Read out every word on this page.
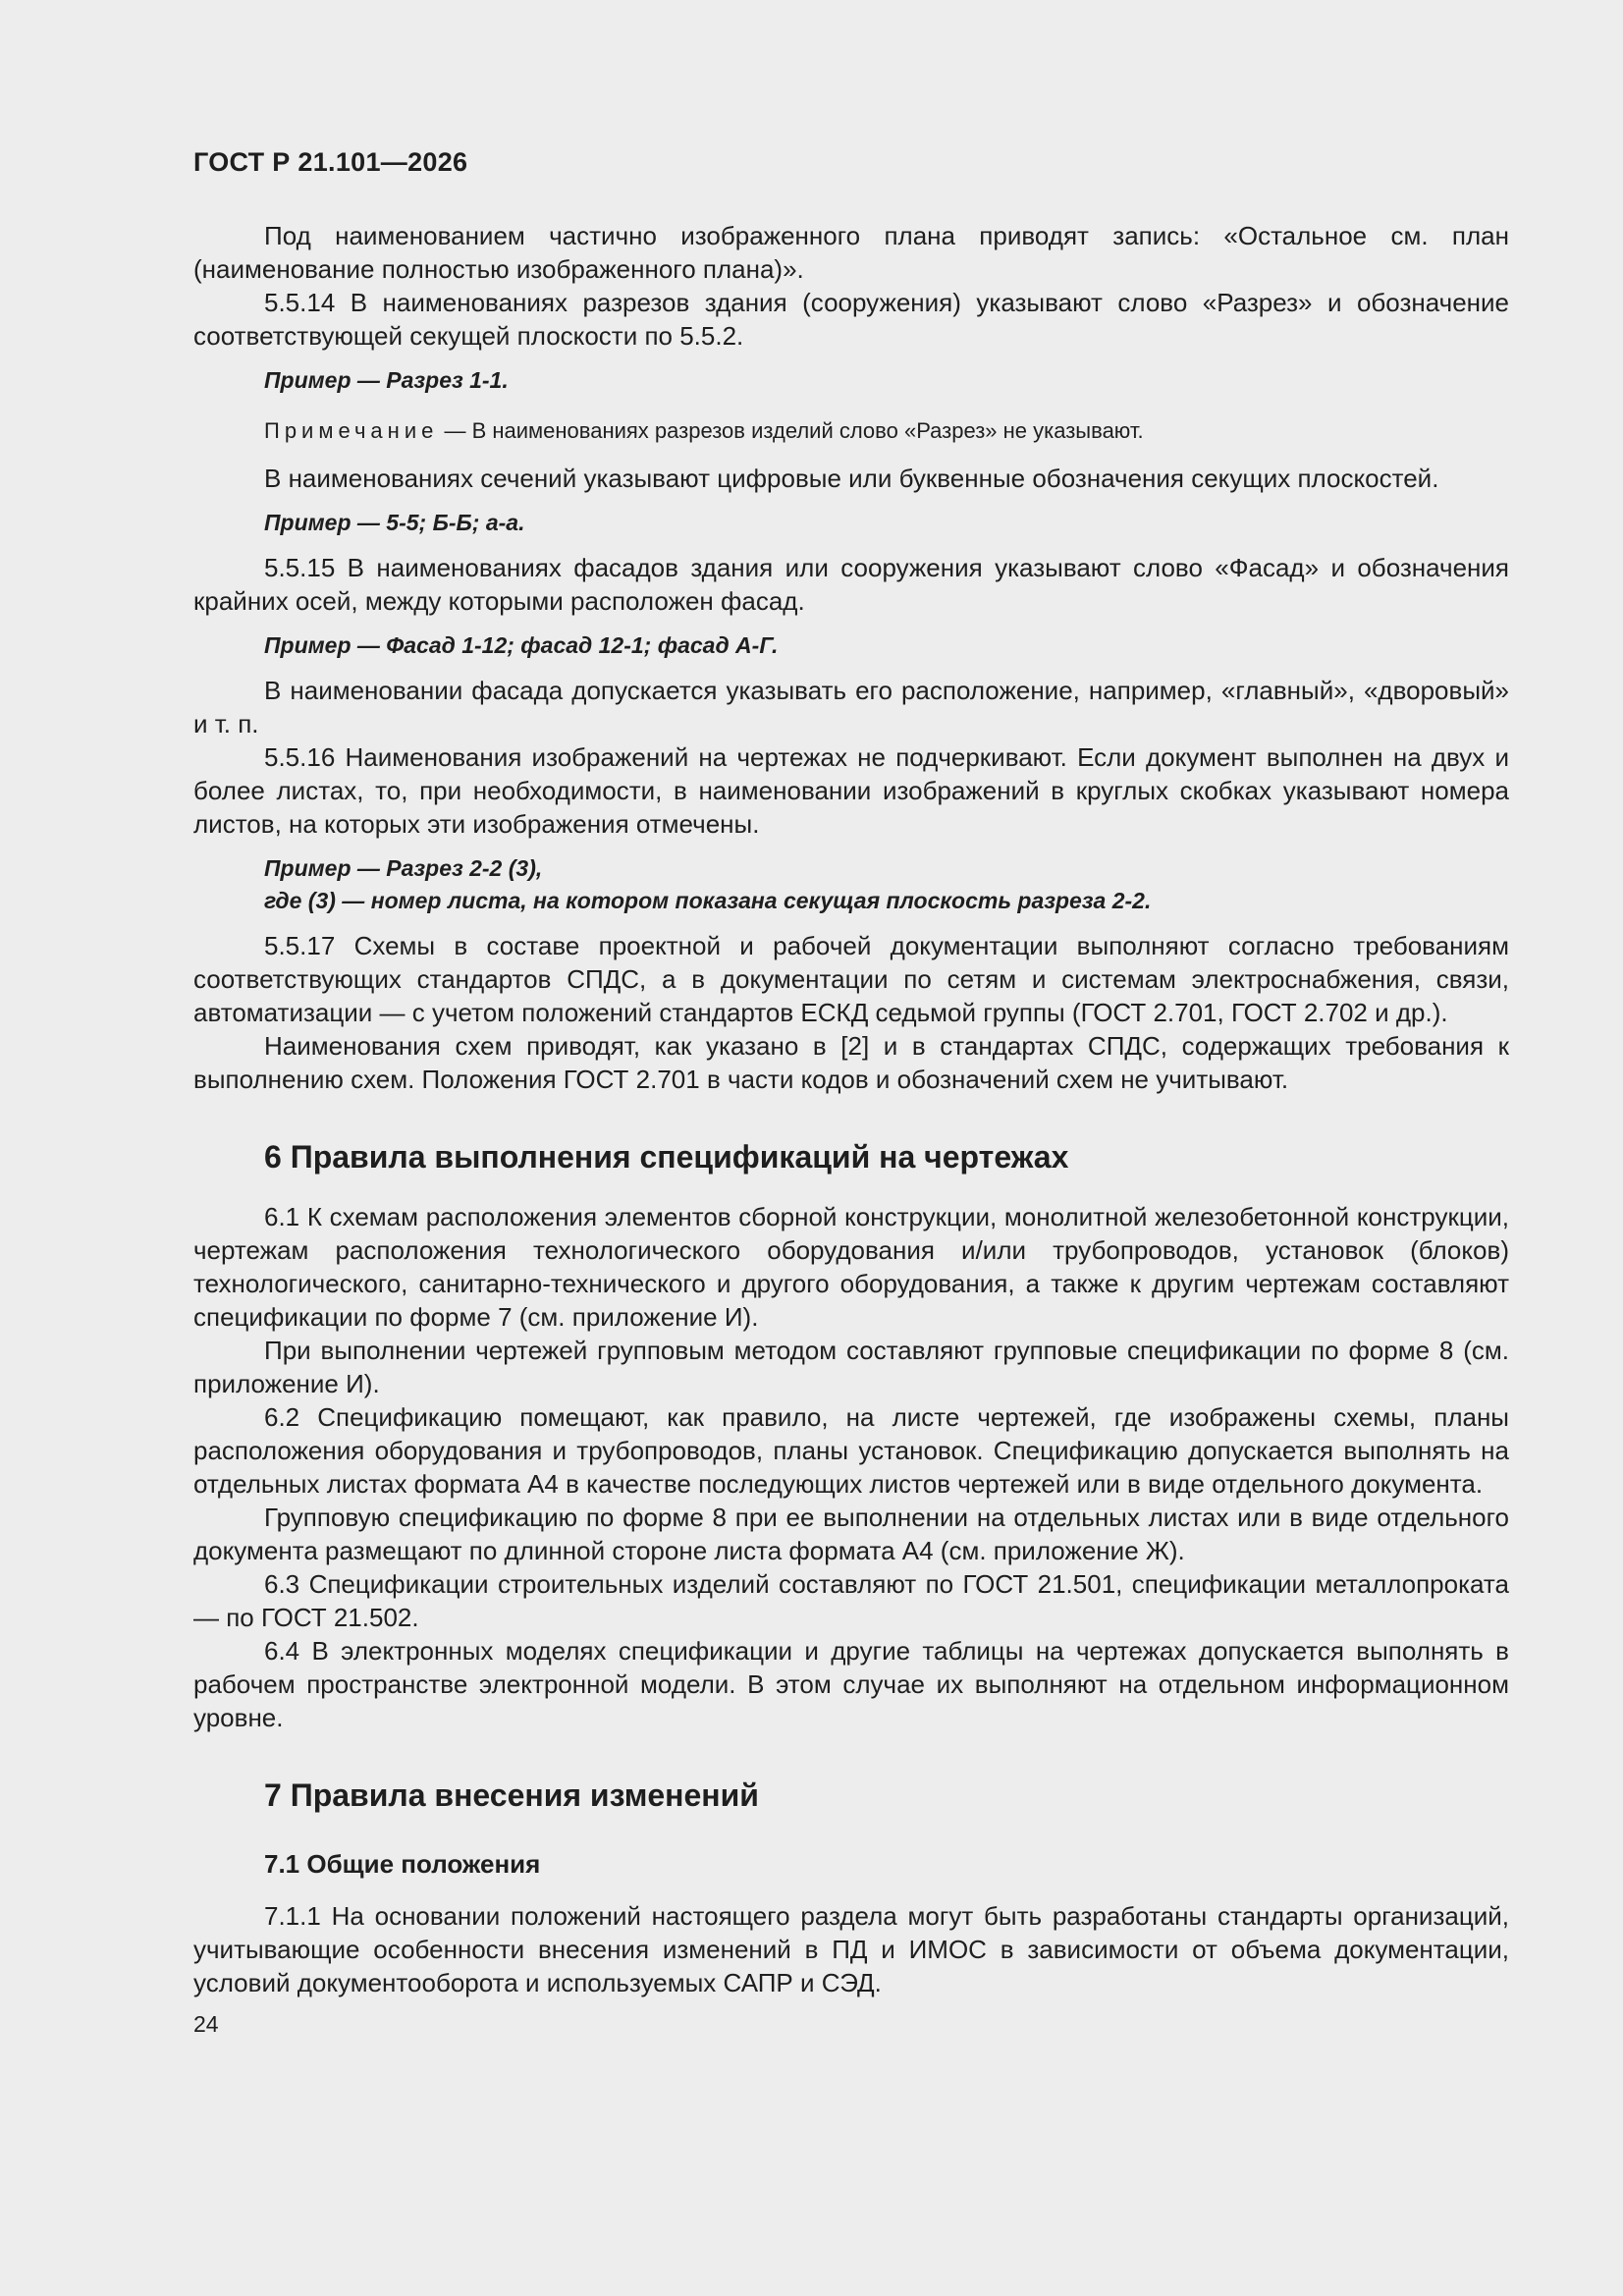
ГОСТ Р 21.101—2026

Под наименованием частично изображенного плана приводят запись: «Остальное см. план (наименование полностью изображенного плана)».

5.5.14 В наименованиях разрезов здания (сооружения) указывают слово «Разрез» и обозначение соответствующей секущей плоскости по 5.5.2.

Пример — Разрез 1-1.
Примечание — В наименованиях разрезов изделий слово «Разрез» не указывают.

В наименованиях сечений указывают цифровые или буквенные обозначения секущих плоскостей.

Пример — 5-5; Б-Б; а-а.

5.5.15 В наименованиях фасадов здания или сооружения указывают слово «Фасад» и обозначения крайних осей, между которыми расположен фасад.

Пример — Фасад 1-12; фасад 12-1; фасад А-Г.

В наименовании фасада допускается указывать его расположение, например, «главный», «дворовый» и т. п.

5.5.16 Наименования изображений на чертежах не подчеркивают. Если документ выполнен на двух и более листах, то, при необходимости, в наименовании изображений в круглых скобках указывают номера листов, на которых эти изображения отмечены.

Пример — Разрез 2-2 (3),
где (3) — номер листа, на котором показана секущая плоскость разреза 2-2.

5.5.17 Схемы в составе проектной и рабочей документации выполняют согласно требованиям соответствующих стандартов СПДС, а в документации по сетям и системам электроснабжения, связи, автоматизации — с учетом положений стандартов ЕСКД седьмой группы (ГОСТ 2.701, ГОСТ 2.702 и др.).

Наименования схем приводят, как указано в [2] и в стандартах СПДС, содержащих требования к выполнению схем. Положения ГОСТ 2.701 в части кодов и обозначений схем не учитывают.

6 Правила выполнения спецификаций на чертежах

6.1 К схемам расположения элементов сборной конструкции, монолитной железобетонной конструкции, чертежам расположения технологического оборудования и/или трубопроводов, установок (блоков) технологического, санитарно-технического и другого оборудования, а также к другим чертежам составляют спецификации по форме 7 (см. приложение И).

При выполнении чертежей групповым методом составляют групповые спецификации по форме 8 (см. приложение И).

6.2 Спецификацию помещают, как правило, на листе чертежей, где изображены схемы, планы расположения оборудования и трубопроводов, планы установок. Спецификацию допускается выполнять на отдельных листах формата А4 в качестве последующих листов чертежей или в виде отдельного документа.

Групповую спецификацию по форме 8 при ее выполнении на отдельных листах или в виде отдельного документа размещают по длинной стороне листа формата А4 (см. приложение Ж).

6.3 Спецификации строительных изделий составляют по ГОСТ 21.501, спецификации металлопроката — по ГОСТ 21.502.

6.4 В электронных моделях спецификации и другие таблицы на чертежах допускается выполнять в рабочем пространстве электронной модели. В этом случае их выполняют на отдельном информационном уровне.

7 Правила внесения изменений
7.1 Общие положения

7.1.1 На основании положений настоящего раздела могут быть разработаны стандарты организаций, учитывающие особенности внесения изменений в ПД и ИМОС в зависимости от объема документации, условий документооборота и используемых САПР и СЭД.

24
